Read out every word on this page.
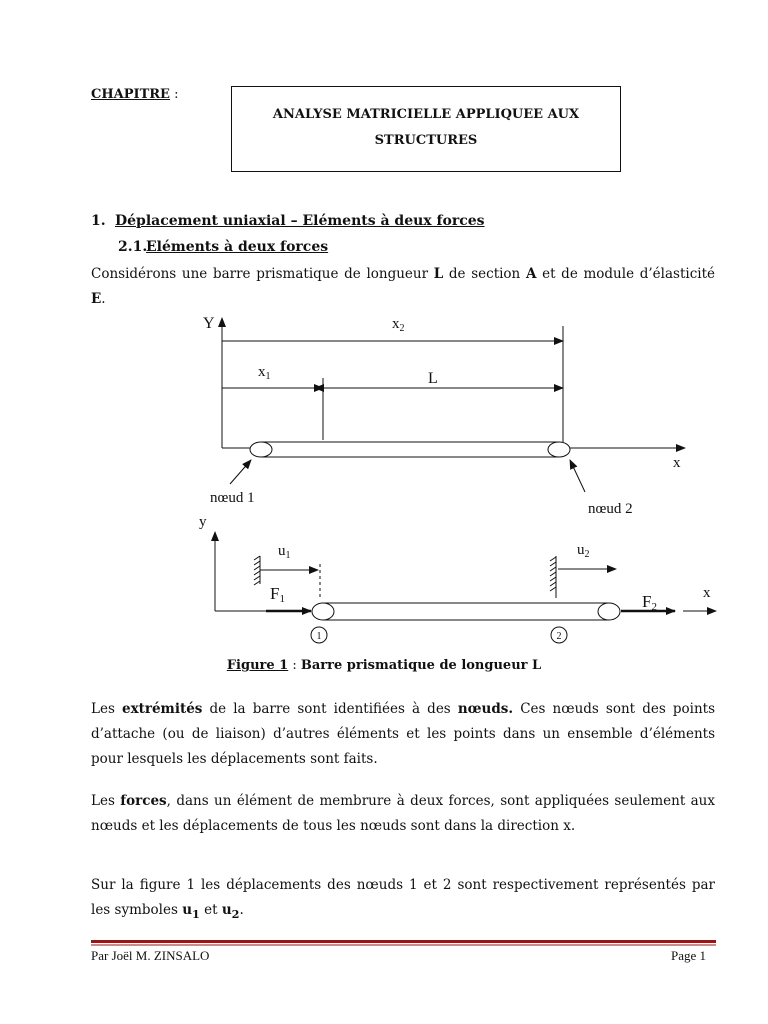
CHAPITRE :
ANALYSE MATRICIELLE APPLIQUEE AUX
STRUCTURES
1. Déplacement uniaxial – Eléments à deux forces
2.1.Eléments à deux forces
Considérons une barre prismatique de longueur L de section A et de module d’élasticité E.
Y
x
$x_2$
$x_1$	L
nœud 1
nœud 2
y
x
$u_1$	$u_2$
F1	F2
1	2
Figure 1 : Barre prismatique de longueur L
Les extrémités de la barre sont identifiées à des nœuds. Ces nœuds sont des points d’attache (ou de liaison) d’autres éléments et les points dans un ensemble d’éléments pour lesquels les déplacements sont faits.
Les forces, dans un élément de membrure à deux forces, sont appliquées seulement aux nœuds et les déplacements de tous les nœuds sont dans la direction x.
Sur la figure 1 les déplacements des nœuds 1 et 2 sont respectivement représentés par les symboles $u_1$ et $u_2$.
Par Joël M. ZINSALO	Page 1
